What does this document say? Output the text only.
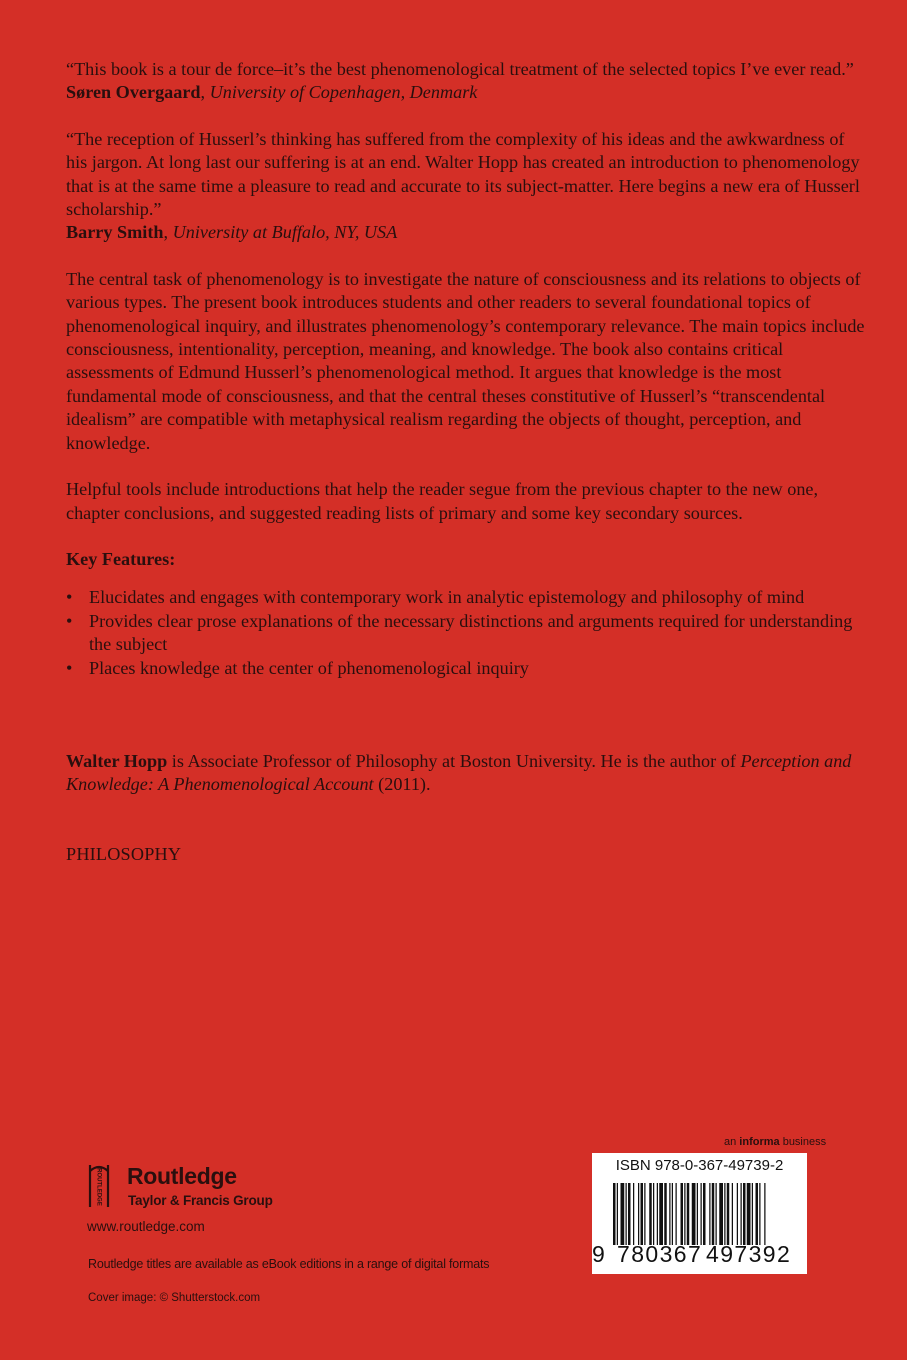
“This book is a tour de force–it’s the best phenomenological treatment of the selected topics I’ve ever read.”
Søren Overgaard, University of Copenhagen, Denmark

“The reception of Husserl’s thinking has suffered from the complexity of his ideas and the awkwardness of his jargon. At long last our suffering is at an end. Walter Hopp has created an introduction to phenomenology that is at the same time a pleasure to read and accurate to its subject-matter. Here begins a new era of Husserl scholarship.”
Barry Smith, University at Buffalo, NY, USA

The central task of phenomenology is to investigate the nature of consciousness and its relations to objects of various types. The present book introduces students and other readers to several foundational topics of phenomenological inquiry, and illustrates phenomenology’s contemporary relevance. The main topics include consciousness, intentionality, perception, meaning, and knowledge. The book also contains critical assessments of Edmund Husserl’s phenomenological method. It argues that knowledge is the most fundamental mode of consciousness, and that the central theses constitutive of Husserl’s “transcendental idealism” are compatible with metaphysical realism regarding the objects of thought, perception, and knowledge.

Helpful tools include introductions that help the reader segue from the previous chapter to the new one, chapter conclusions, and suggested reading lists of primary and some key secondary sources.

Key Features:

• Elucidates and engages with contemporary work in analytic epistemology and philosophy of mind
• Provides clear prose explanations of the necessary distinctions and arguments required for understanding the subject
• Places knowledge at the center of phenomenological inquiry

Walter Hopp is Associate Professor of Philosophy at Boston University. He is the author of Perception and Knowledge: A Phenomenological Account (2011).

PHILOSOPHY

ROUTLEDGE Routledge
Taylor & Francis Group
www.routledge.com
Routledge titles are available as eBook editions in a range of digital formats
Cover image: © Shutterstock.com
an informa business
ISBN 978-0-367-49739-2
9 780367 497392
